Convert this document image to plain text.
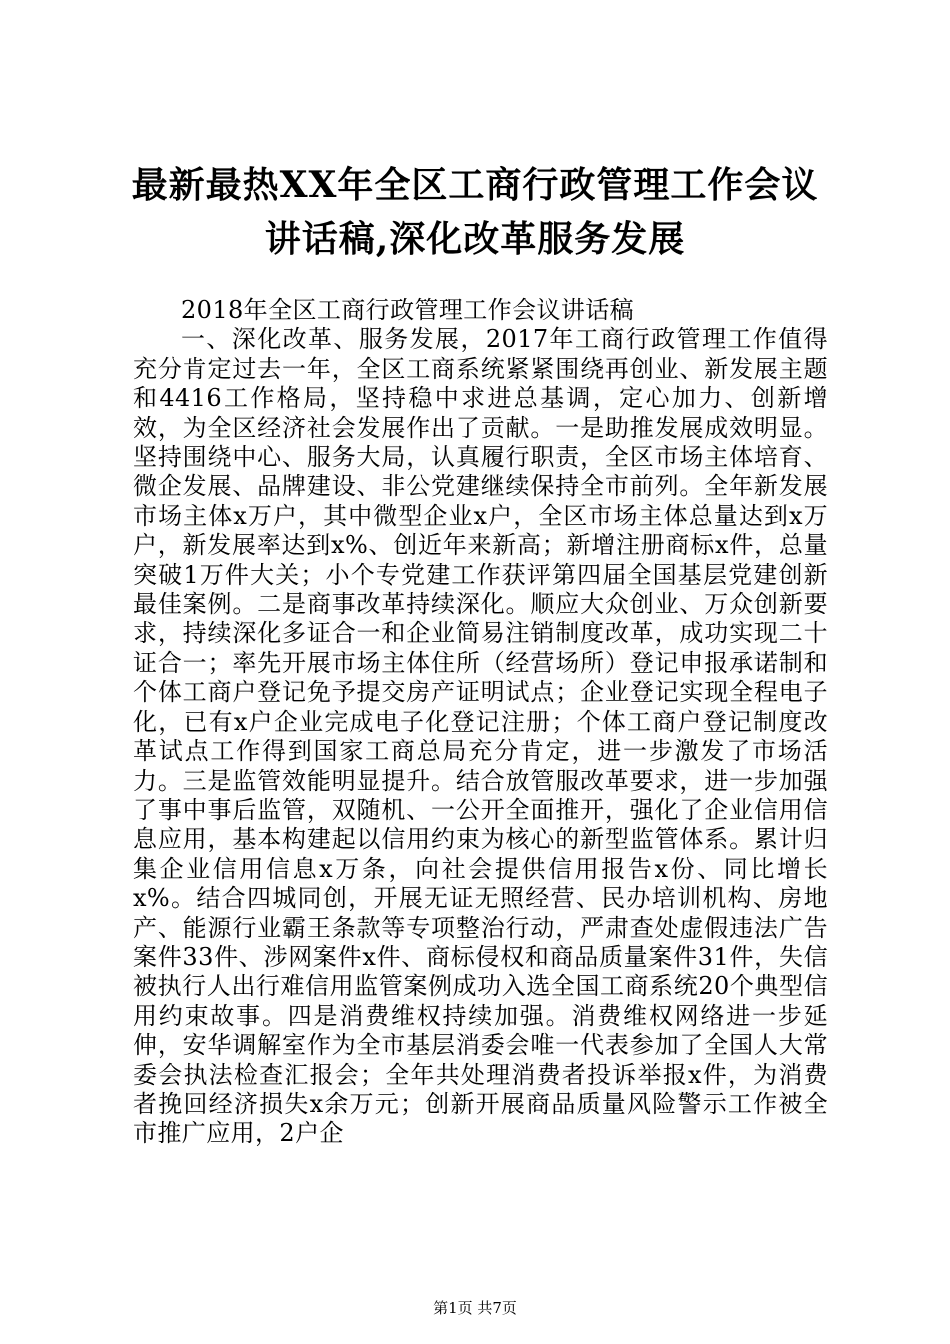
最新最热XX年全区工商行政管理工作会议讲话稿,深化改革服务发展

2018年全区工商行政管理工作会议讲话稿

一、深化改革、服务发展，2017年工商行政管理工作值得充分肯定过去一年，全区工商系统紧紧围绕再创业、新发展主题和4416工作格局，坚持稳中求进总基调，定心加力、创新增效，为全区经济社会发展作出了贡献。一是助推发展成效明显。坚持围绕中心、服务大局，认真履行职责，全区市场主体培育、微企发展、品牌建设、非公党建继续保持全市前列。全年新发展市场主体x万户，其中微型企业x户，全区市场主体总量达到x万户，新发展率达到x%、创近年来新高；新增注册商标x件，总量突破1万件大关；小个专党建工作获评第四届全国基层党建创新最佳案例。二是商事改革持续深化。顺应大众创业、万众创新要求，持续深化多证合一和企业简易注销制度改革，成功实现二十证合一；率先开展市场主体住所（经营场所）登记申报承诺制和个体工商户登记免予提交房产证明试点；企业登记实现全程电子化，已有x户企业完成电子化登记注册；个体工商户登记制度改革试点工作得到国家工商总局充分肯定，进一步激发了市场活力。三是监管效能明显提升。结合放管服改革要求，进一步加强了事中事后监管，双随机、一公开全面推开，强化了企业信用信息应用，基本构建起以信用约束为核心的新型监管体系。累计归集企业信用信息x万条，向社会提供信用报告x份、同比增长x%。结合四城同创，开展无证无照经营、民办培训机构、房地产、能源行业霸王条款等专项整治行动，严肃查处虚假违法广告案件33件、涉网案件x件、商标侵权和商品质量案件31件，失信被执行人出行难信用监管案例成功入选全国工商系统20个典型信用约束故事。四是消费维权持续加强。消费维权网络进一步延伸，安华调解室作为全市基层消委会唯一代表参加了全国人大常委会执法检查汇报会；全年共处理消费者投诉举报x件，为消费者挽回经济损失x余万元；创新开展商品质量风险警示工作被全市推广应用，2户企

第1页 共7页
